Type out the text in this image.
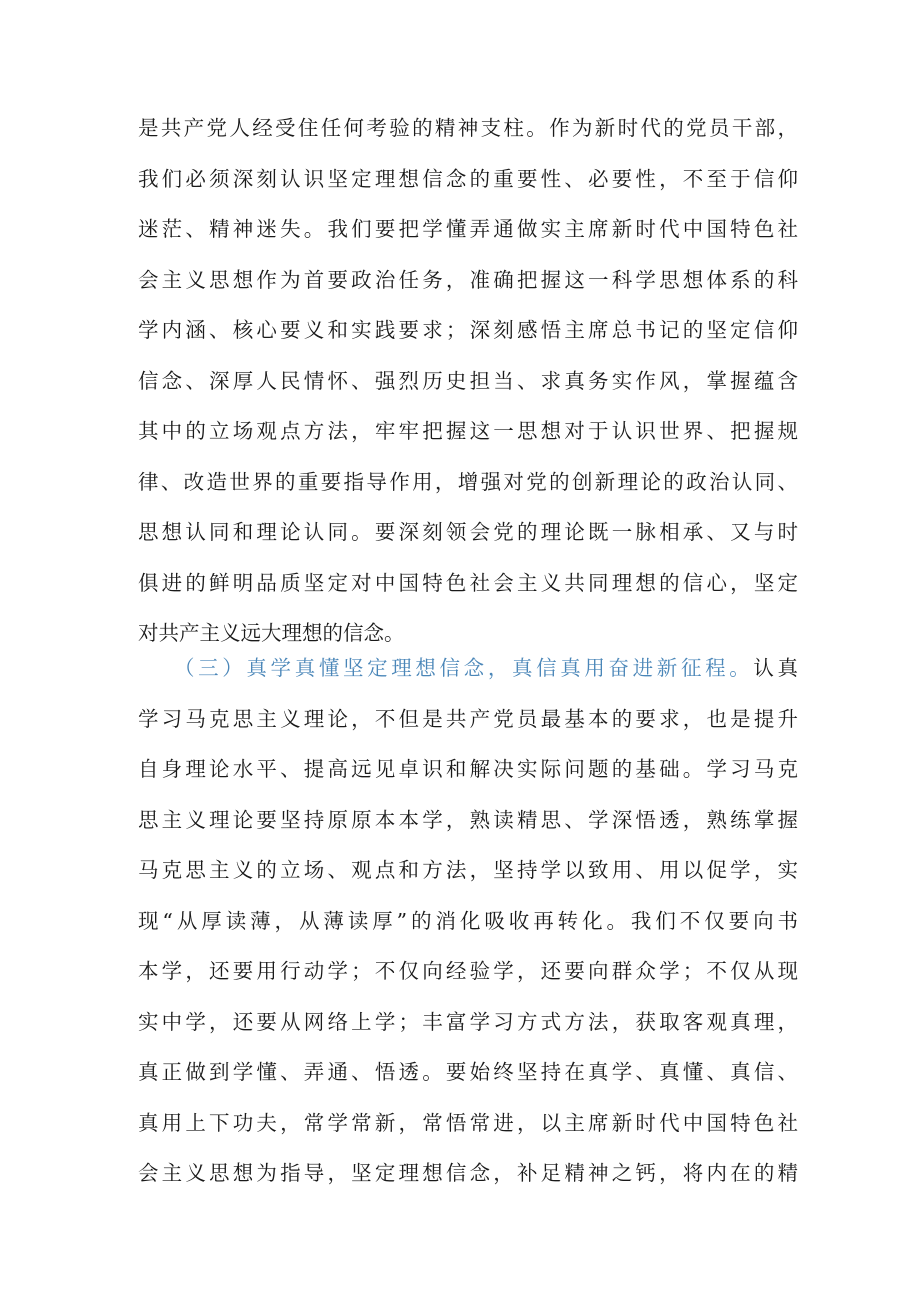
是共产党人经受住任何考验的精神支柱。作为新时代的党员干部，
我们必须深刻认识坚定理想信念的重要性、必要性，不至于信仰
迷茫、精神迷失。我们要把学懂弄通做实主席新时代中国特色社
会主义思想作为首要政治任务，准确把握这一科学思想体系的科
学内涵、核心要义和实践要求；深刻感悟主席总书记的坚定信仰
信念、深厚人民情怀、强烈历史担当、求真务实作风，掌握蕴含
其中的立场观点方法，牢牢把握这一思想对于认识世界、把握规
律、改造世界的重要指导作用，增强对党的创新理论的政治认同、
思想认同和理论认同。要深刻领会党的理论既一脉相承、又与时
俱进的鲜明品质坚定对中国特色社会主义共同理想的信心，坚定
对共产主义远大理想的信念。
（三）真学真懂坚定理想信念，真信真用奋进新征程。认真
学习马克思主义理论，不但是共产党员最基本的要求，也是提升
自身理论水平、提高远见卓识和解决实际问题的基础。学习马克
思主义理论要坚持原原本本学，熟读精思、学深悟透，熟练掌握
马克思主义的立场、观点和方法，坚持学以致用、用以促学，实
现“从厚读薄，从薄读厚”的消化吸收再转化。我们不仅要向书
本学，还要用行动学；不仅向经验学，还要向群众学；不仅从现
实中学，还要从网络上学；丰富学习方式方法，获取客观真理，
真正做到学懂、弄通、悟透。要始终坚持在真学、真懂、真信、
真用上下功夫，常学常新，常悟常进，以主席新时代中国特色社
会主义思想为指导，坚定理想信念，补足精神之钙，将内在的精
